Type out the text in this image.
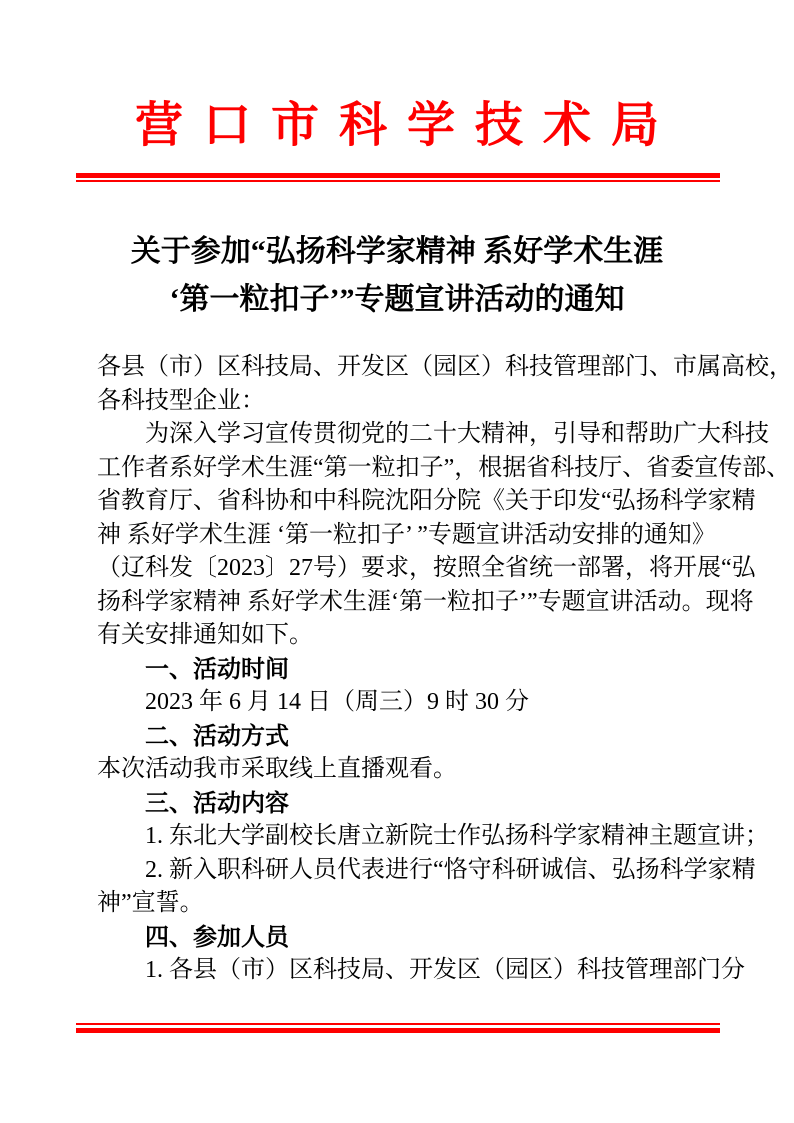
营口市科学技术局
关于参加“弘扬科学家精神 系好学术生涯
‘第一粒扣子’”专题宣讲活动的通知
各县（市）区科技局、开发区（园区）科技管理部门、市属高校，
各科技型企业：
为深入学习宣传贯彻党的二十大精神，引导和帮助广大科技
工作者系好学术生涯“第一粒扣子”，根据省科技厅、省委宣传部、
省教育厅、省科协和中科院沈阳分院《关于印发“弘扬科学家精
神 系好学术生涯 ‘第一粒扣子’ ”专题宣讲活动安排的通知》
（辽科发〔2023〕27号）要求，按照全省统一部署，将开展“弘
扬科学家精神 系好学术生涯‘第一粒扣子’”专题宣讲活动。现将
有关安排通知如下。
一、活动时间
2023 年 6 月 14 日（周三）9 时 30 分
二、活动方式
本次活动我市采取线上直播观看。
三、活动内容
1. 东北大学副校长唐立新院士作弘扬科学家精神主题宣讲；
2. 新入职科研人员代表进行“恪守科研诚信、弘扬科学家精
神”宣誓。
四、参加人员
1. 各县（市）区科技局、开发区（园区）科技管理部门分
